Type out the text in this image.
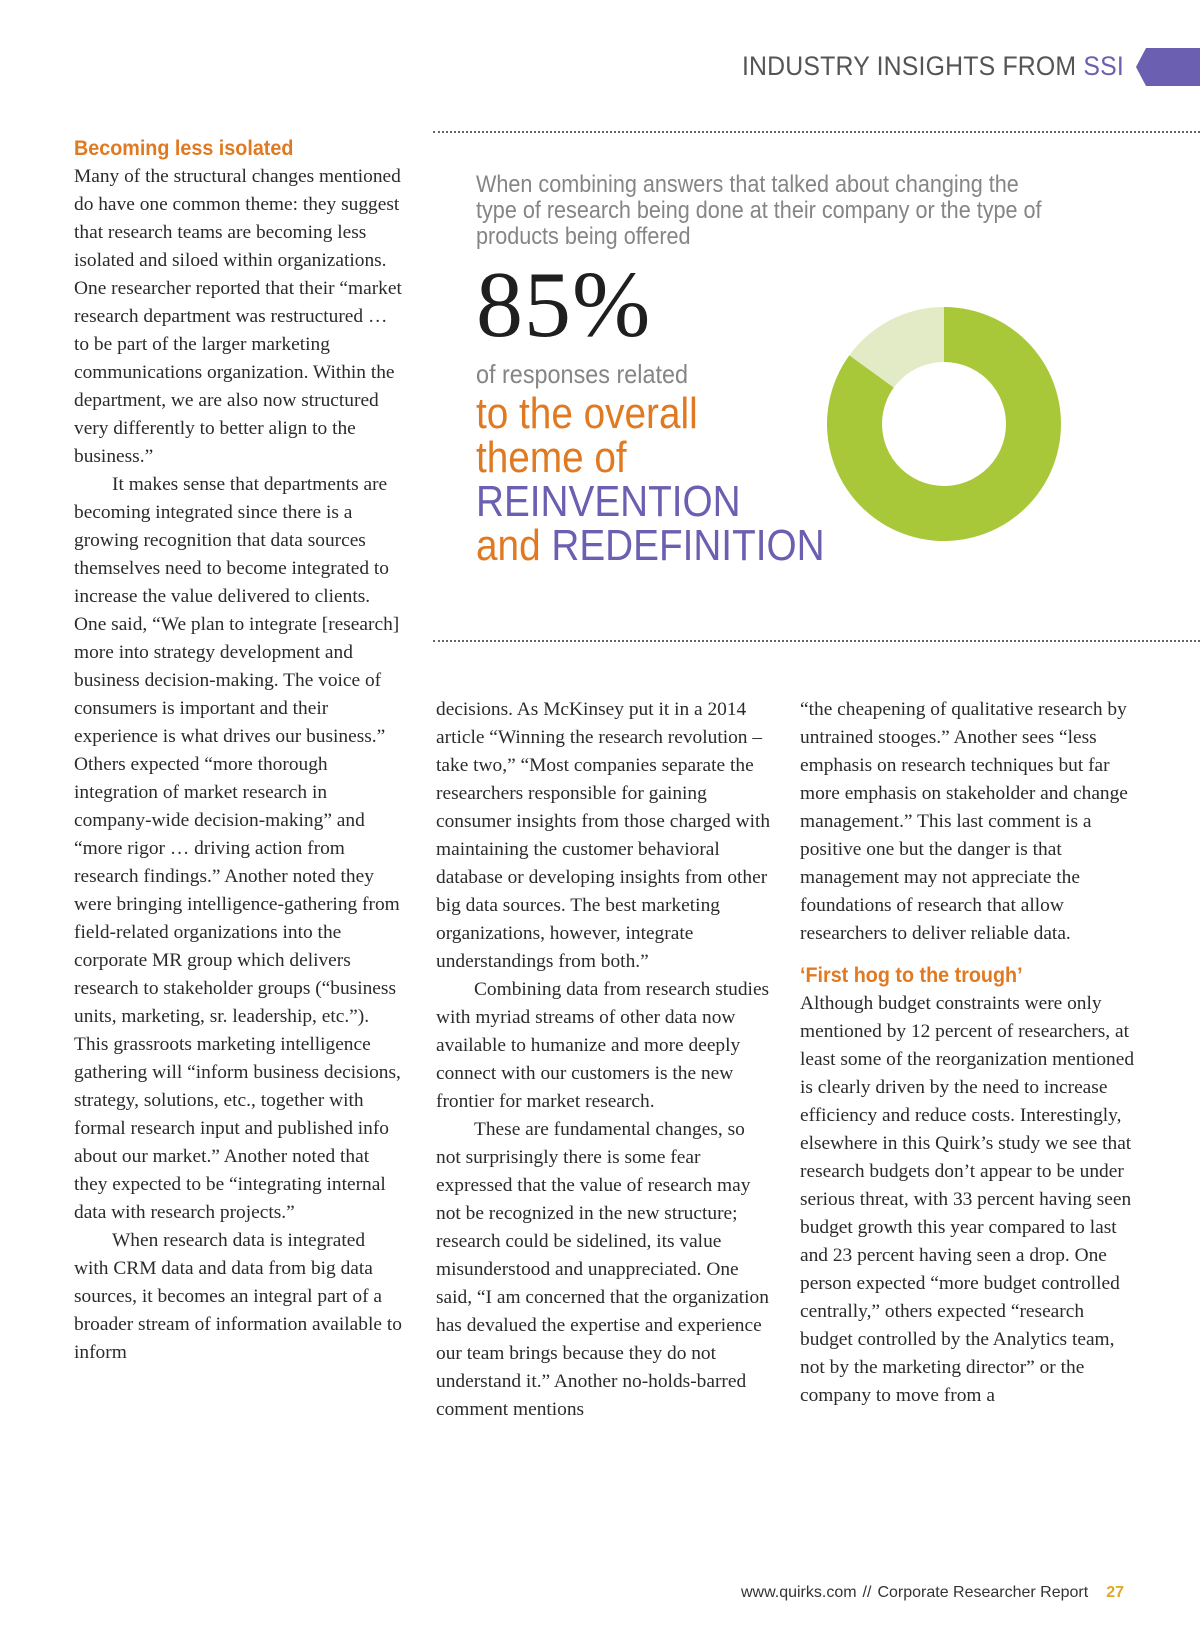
INDUSTRY INSIGHTS FROM SSI
Becoming less isolated

Many of the structural changes mentioned do have one common theme: they suggest that research teams are becoming less isolated and siloed within organizations. One researcher reported that their “market research department was restructured … to be part of the larger marketing communications organization. Within the department, we are also now structured very differently to better align to the business.”

It makes sense that departments are becoming integrated since there is a growing recognition that data sources themselves need to become integrated to increase the value delivered to clients. One said, “We plan to integrate [research] more into strategy development and business decision-making. The voice of consumers is important and their experience is what drives our business.” Others expected “more thorough integration of market research in company-wide decision-making” and “more rigor … driving action from research findings.” Another noted they were bringing intelligence-gathering from field-related organizations into the corporate MR group which delivers research to stakeholder groups (“business units, marketing, sr. leadership, etc.”). This grassroots marketing intelligence gathering will “inform business decisions, strategy, solutions, etc., together with formal research input and published info about our market.” Another noted that they expected to be “integrating internal data with research projects.”

When research data is integrated with CRM data and data from big data sources, it becomes an integral part of a broader stream of information available to inform

When combining answers that talked about changing the type of research being done at their company or the type of products being offered
85%
of responses related
to the overall
theme of
REINVENTION
and REDEFINITION

decisions. As McKinsey put it in a 2014 article “Winning the research revolution – take two,” “Most companies separate the researchers responsible for gaining consumer insights from those charged with maintaining the customer behavioral database or developing insights from other big data sources. The best marketing organizations, however, integrate understandings from both.”

Combining data from research studies with myriad streams of other data now available to humanize and more deeply connect with our customers is the new frontier for market research.

These are fundamental changes, so not surprisingly there is some fear expressed that the value of research may not be recognized in the new structure; research could be sidelined, its value misunderstood and unappreciated. One said, “I am concerned that the organization has devalued the expertise and experience our team brings because they do not understand it.” Another no-holds-barred comment mentions

“the cheapening of qualitative research by untrained stooges.” Another sees “less emphasis on research techniques but far more emphasis on stakeholder and change management.” This last comment is a positive one but the danger is that management may not appreciate the foundations of research that allow researchers to deliver reliable data.

‘First hog to the trough’

Although budget constraints were only mentioned by 12 percent of researchers, at least some of the reorganization mentioned is clearly driven by the need to increase efficiency and reduce costs. Interestingly, elsewhere in this Quirk’s study we see that research budgets don’t appear to be under serious threat, with 33 percent having seen budget growth this year compared to last and 23 percent having seen a drop. One person expected “more budget controlled centrally,” others expected “research budget controlled by the Analytics team, not by the marketing director” or the company to move from a

www.quirks.com // Corporate Researcher Report 27
